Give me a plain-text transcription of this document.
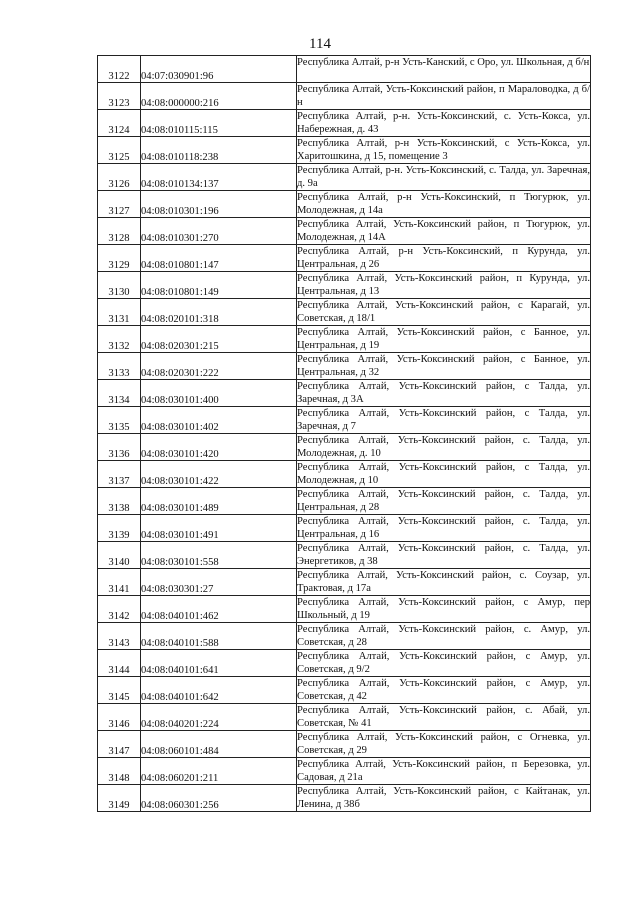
114
3122	04:07:030901:96	Республика Алтай, р-н Усть-Канский, с Оро, ул. Школьная, д б/н
3123	04:08:000000:216	Республика Алтай, Усть-Коксинский район, п Мараловодка, д б/н
3124	04:08:010115:115	Республика Алтай, р-н. Усть-Коксинский, с. Усть-Кокса, ул. Набережная, д. 43
3125	04:08:010118:238	Республика Алтай, р-н Усть-Коксинский, с Усть-Кокса, ул. Харитошкина, д 15, помещение 3
3126	04:08:010134:137	Республика Алтай, р-н. Усть-Коксинский, с. Талда, ул. Заречная, д. 9а
3127	04:08:010301:196	Республика Алтай, р-н Усть-Коксинский, п Тюгурюк, ул. Молодежная, д 14а
3128	04:08:010301:270	Республика Алтай, Усть-Коксинский район, п Тюгурюк, ул. Молодежная, д 14А
3129	04:08:010801:147	Республика Алтай, р-н Усть-Коксинский, п Курунда, ул. Центральная, д 26
3130	04:08:010801:149	Республика Алтай, Усть-Коксинский район, п Курунда, ул. Центральная, д 13
3131	04:08:020101:318	Республика Алтай, Усть-Коксинский район, с Карагай, ул. Советская, д 18/1
3132	04:08:020301:215	Республика Алтай, Усть-Коксинский район, с Банное, ул. Центральная, д 19
3133	04:08:020301:222	Республика Алтай, Усть-Коксинский район, с Банное, ул. Центральная, д 32
3134	04:08:030101:400	Республика Алтай, Усть-Коксинский район, с Талда, ул. Заречная, д 3А
3135	04:08:030101:402	Республика Алтай, Усть-Коксинский район, с Талда, ул. Заречная, д 7
3136	04:08:030101:420	Республика Алтай, Усть-Коксинский район, с. Талда, ул. Молодежная, д. 10
3137	04:08:030101:422	Республика Алтай, Усть-Коксинский район, с Талда, ул. Молодежная, д 10
3138	04:08:030101:489	Республика Алтай, Усть-Коксинский район, с. Талда, ул. Центральная, д 28
3139	04:08:030101:491	Республика Алтай, Усть-Коксинский район, с. Талда, ул. Центральная, д 16
3140	04:08:030101:558	Республика Алтай, Усть-Коксинский район, с. Талда, ул. Энергетиков, д 38
3141	04:08:030301:27	Республика Алтай, Усть-Коксинский район, с. Соузар, ул. Трактовая, д 17а
3142	04:08:040101:462	Республика Алтай, Усть-Коксинский район, с Амур, пер Школьный, д 19
3143	04:08:040101:588	Республика Алтай, Усть-Коксинский район, с. Амур, ул. Советская, д 28
3144	04:08:040101:641	Республика Алтай, Усть-Коксинский район, с Амур, ул. Советская, д 9/2
3145	04:08:040101:642	Республика Алтай, Усть-Коксинский район, с Амур, ул. Советская, д 42
3146	04:08:040201:224	Республика Алтай, Усть-Коксинский район, с. Абай, ул. Советская, № 41
3147	04:08:060101:484	Республика Алтай, Усть-Коксинский район, с Огневка, ул. Советская, д 29
3148	04:08:060201:211	Республика Алтай, Усть-Коксинский район, п Березовка, ул. Садовая, д 21а
3149	04:08:060301:256	Республика Алтай, Усть-Коксинский район, с Кайтанак, ул. Ленина, д 38б
